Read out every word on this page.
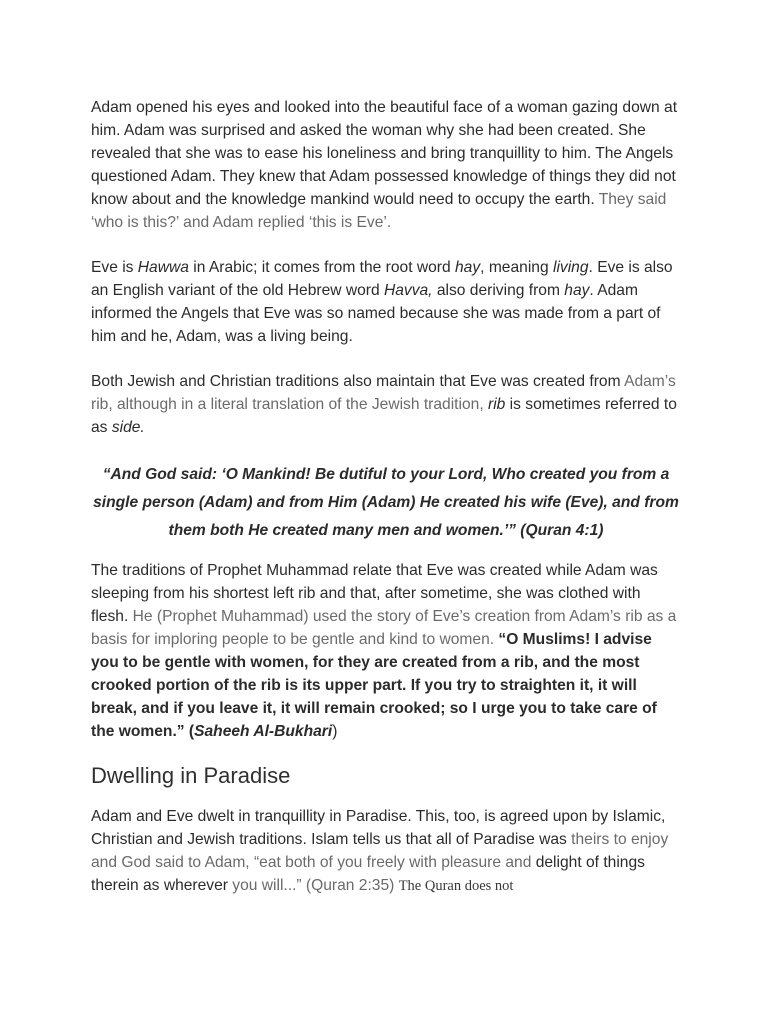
Adam opened his eyes and looked into the beautiful face of a woman gazing down at him. Adam was surprised and asked the woman why she had been created. She revealed that she was to ease his loneliness and bring tranquillity to him. The Angels questioned Adam. They knew that Adam possessed knowledge of things they did not know about and the knowledge mankind would need to occupy the earth. They said ‘who is this?’ and Adam replied ‘this is Eve’.

Eve is Hawwa in Arabic; it comes from the root word hay, meaning living. Eve is also an English variant of the old Hebrew word Havva, also deriving from hay. Adam informed the Angels that Eve was so named because she was made from a part of him and he, Adam, was a living being.

Both Jewish and Christian traditions also maintain that Eve was created from Adam’s rib, although in a literal translation of the Jewish tradition, rib is sometimes referred to as side.

“And God said: ‘O Mankind! Be dutiful to your Lord, Who created you from a single person (Adam) and from Him (Adam) He created his wife (Eve), and from them both He created many men and women.’” (Quran 4:1)

The traditions of Prophet Muhammad relate that Eve was created while Adam was sleeping from his shortest left rib and that, after sometime, she was clothed with flesh. He (Prophet Muhammad) used the story of Eve’s creation from Adam’s rib as a basis for imploring people to be gentle and kind to women. “O Muslims! I advise you to be gentle with women, for they are created from a rib, and the most crooked portion of the rib is its upper part. If you try to straighten it, it will break, and if you leave it, it will remain crooked; so I urge you to take care of the women.” (Saheeh Al-Bukhari)

Dwelling in Paradise

Adam and Eve dwelt in tranquillity in Paradise. This, too, is agreed upon by Islamic, Christian and Jewish traditions. Islam tells us that all of Paradise was theirs to enjoy and God said to Adam, “eat both of you freely with pleasure and delight of things therein as wherever you will...” (Quran 2:35) The Quran does not
